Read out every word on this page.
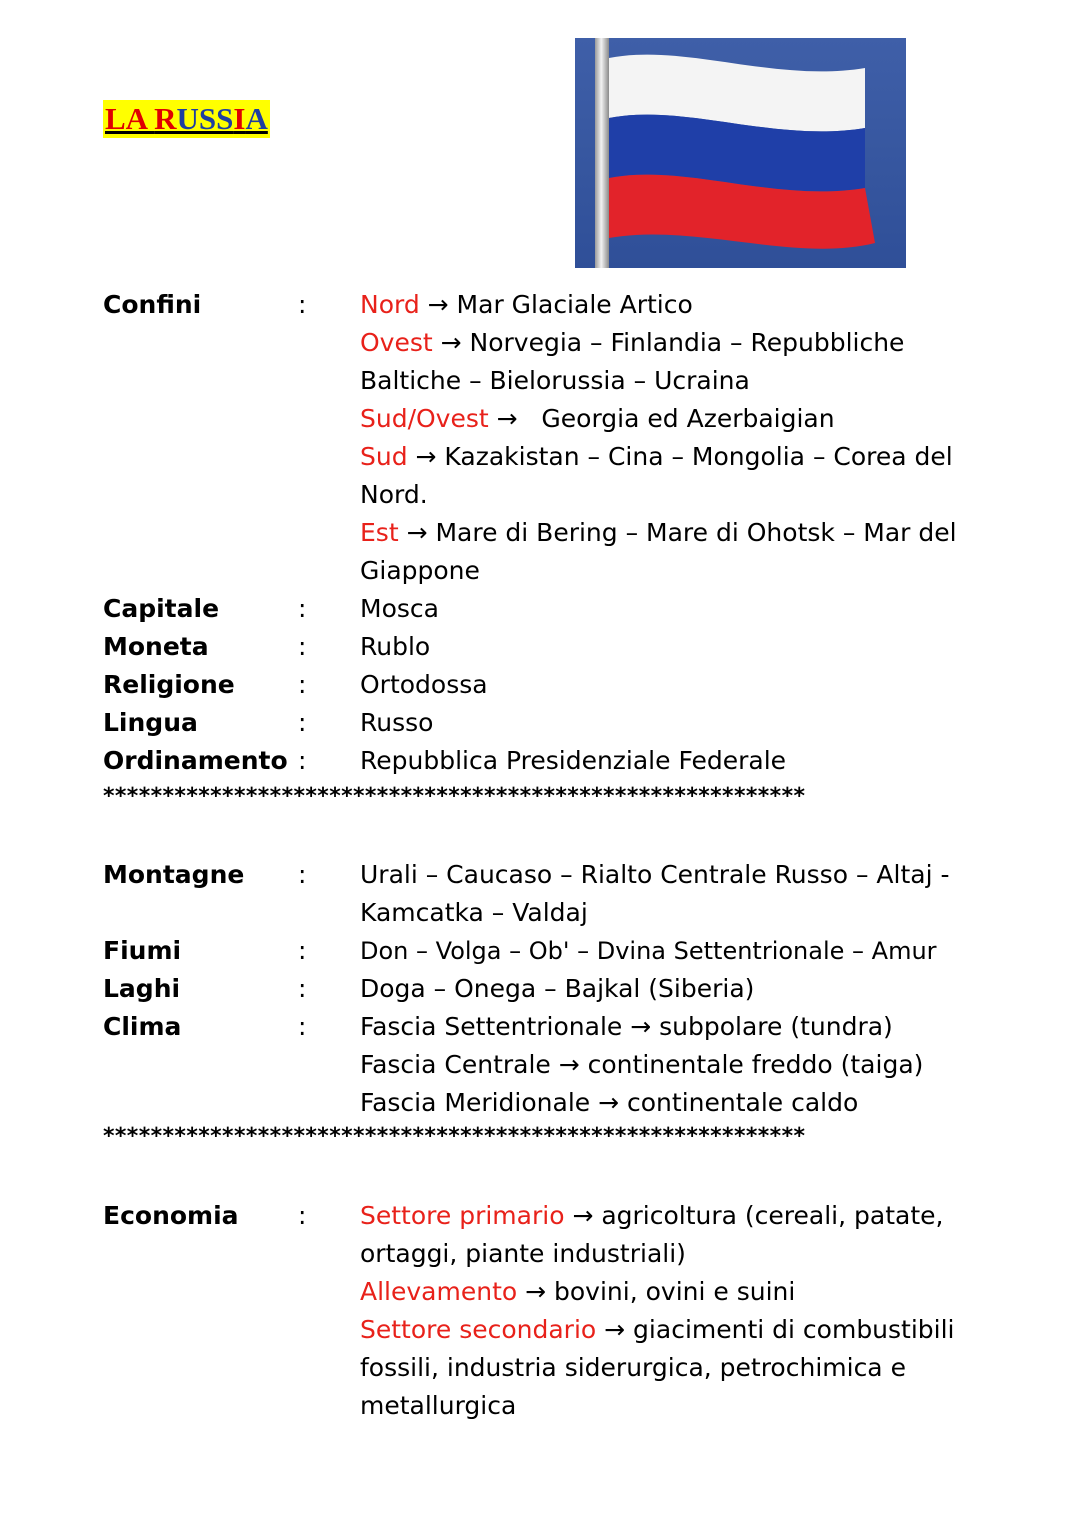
LA RUSSIA
Confini	:	Nord → Mar Glaciale Artico
Ovest → Norvegia – Finlandia – Repubbliche Baltiche – Bielorussia – Ucraina
Sud/Ovest →   Georgia ed Azerbaigian
Sud → Kazakistan – Cina – Mongolia – Corea del Nord.
Est → Mare di Bering – Mare di Ohotsk – Mar del Giappone
Capitale	:	Mosca
Moneta	:	Rublo
Religione	:	Ortodossa
Lingua	:	Russo
Ordinamento :	Repubblica Presidenziale Federale
***********************************************************
Montagne	:	Urali – Caucaso – Rialto Centrale Russo – Altaj - Kamcatka – Valdaj
Fiumi	:	Don – Volga – Ob' – Dvina Settentrionale – Amur
Laghi	:	Doga – Onega – Bajkal (Siberia)
Clima	:	Fascia Settentrionale → subpolare (tundra)
Fascia Centrale → continentale freddo (taiga)
Fascia Meridionale → continentale caldo
***********************************************************
Economia	:	Settore primario → agricoltura (cereali, patate, ortaggi, piante industriali)
Allevamento → bovini, ovini e suini
Settore secondario → giacimenti di combustibili fossili, industria siderurgica, petrochimica e metallurgica
